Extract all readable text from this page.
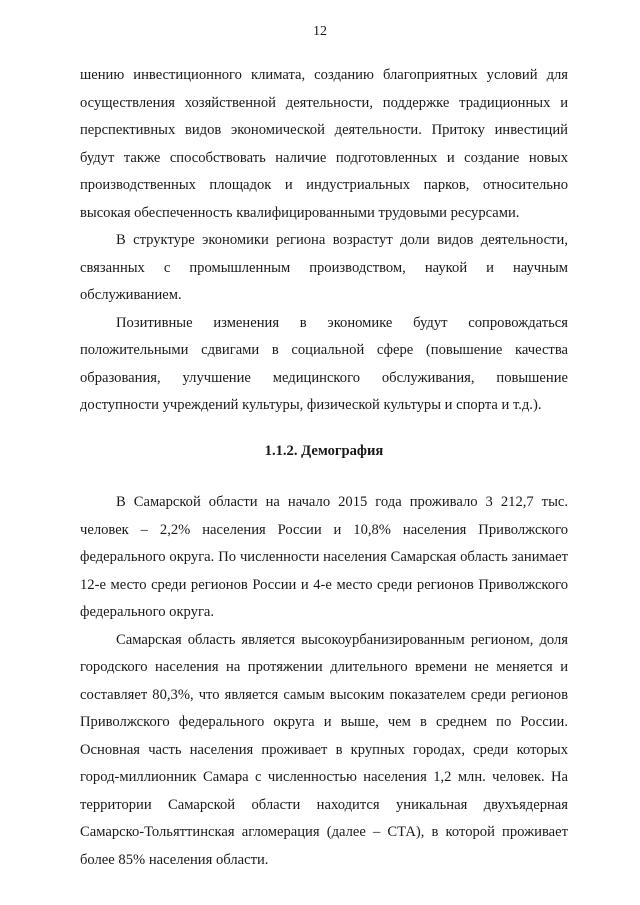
12

шению инвестиционного климата, созданию благоприятных условий для осуществления хозяйственной деятельности, поддержке традиционных и перспективных видов экономической деятельности. Притоку инвестиций будут также способствовать наличие подготовленных и создание новых производственных площадок и индустриальных парков, относительно высокая обеспеченность квалифицированными трудовыми ресурсами.

В структуре экономики региона возрастут доли видов деятельности, связанных с промышленным производством, наукой и научным обслуживанием.

Позитивные изменения в экономике будут сопровождаться положительными сдвигами в социальной сфере (повышение качества образования, улучшение медицинского обслуживания, повышение доступности учреждений культуры, физической культуры и спорта и т.д.).

1.1.2. Демография

В Самарской области на начало 2015 года проживало 3 212,7 тыс. человек – 2,2% населения России и 10,8% населения Приволжского федерального округа. По численности населения Самарская область занимает 12-е место среди регионов России и 4-е место среди регионов Приволжского федерального округа.

Самарская область является высокоурбанизированным регионом, доля городского населения на протяжении длительного времени не меняется и составляет 80,3%, что является самым высоким показателем среди регионов Приволжского федерального округа и выше, чем в среднем по России. Основная часть населения проживает в крупных городах, среди которых город-миллионник Самара с численностью населения 1,2 млн. человек. На территории Самарской области находится уникальная двухъядерная Самарско-Тольяттинская агломерация (далее – СТА), в которой проживает более 85% населения области.
